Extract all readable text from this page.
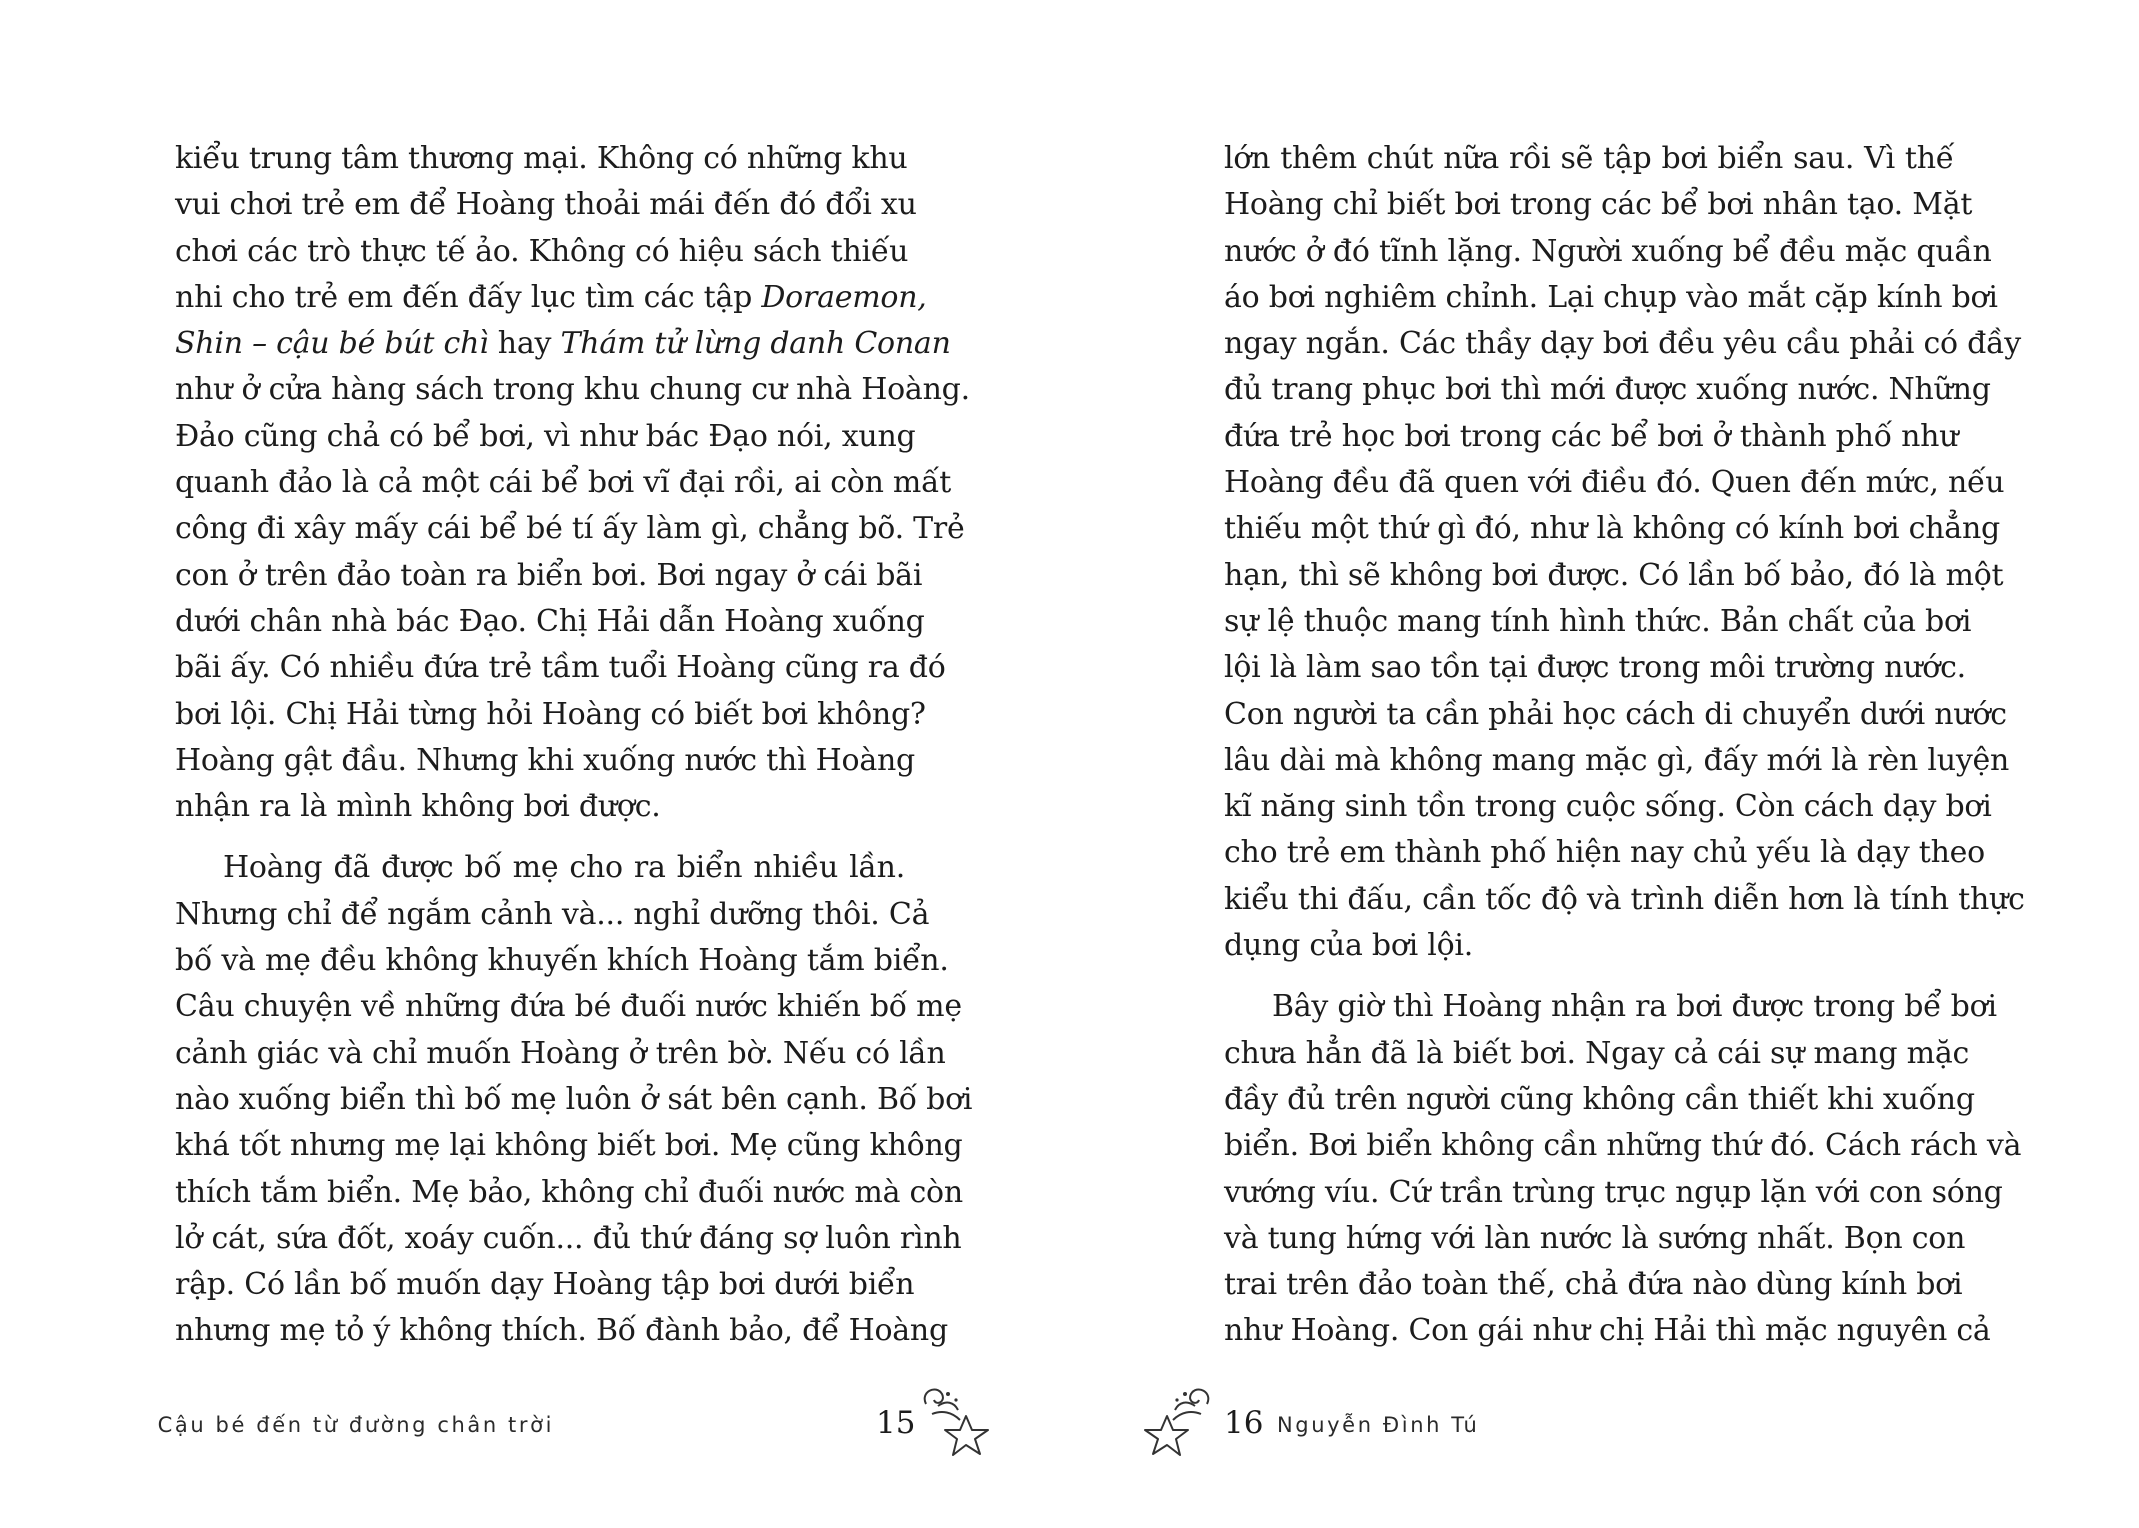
kiểu trung tâm thương mại. Không có những khu
vui chơi trẻ em để Hoàng thoải mái đến đó đổi xu
chơi các trò thực tế ảo. Không có hiệu sách thiếu
nhi cho trẻ em đến đấy lục tìm các tập Doraemon,
Shin – cậu bé bút chì hay Thám tử lừng danh Conan
như ở cửa hàng sách trong khu chung cư nhà Hoàng.
Đảo cũng chả có bể bơi, vì như bác Đạo nói, xung
quanh đảo là cả một cái bể bơi vĩ đại rồi, ai còn mất
công đi xây mấy cái bể bé tí ấy làm gì, chẳng bõ. Trẻ
con ở trên đảo toàn ra biển bơi. Bơi ngay ở cái bãi
dưới chân nhà bác Đạo. Chị Hải dẫn Hoàng xuống
bãi ấy. Có nhiều đứa trẻ tầm tuổi Hoàng cũng ra đó
bơi lội. Chị Hải từng hỏi Hoàng có biết bơi không?
Hoàng gật đầu. Nhưng khi xuống nước thì Hoàng
nhận ra là mình không bơi được.
Hoàng đã được bố mẹ cho ra biển nhiều lần.
Nhưng chỉ để ngắm cảnh và... nghỉ dưỡng thôi. Cả
bố và mẹ đều không khuyến khích Hoàng tắm biển.
Câu chuyện về những đứa bé đuối nước khiến bố mẹ
cảnh giác và chỉ muốn Hoàng ở trên bờ. Nếu có lần
nào xuống biển thì bố mẹ luôn ở sát bên cạnh. Bố bơi
khá tốt nhưng mẹ lại không biết bơi. Mẹ cũng không
thích tắm biển. Mẹ bảo, không chỉ đuối nước mà còn
lở cát, sứa đốt, xoáy cuốn... đủ thứ đáng sợ luôn rình
rập. Có lần bố muốn dạy Hoàng tập bơi dưới biển
nhưng mẹ tỏ ý không thích. Bố đành bảo, để Hoàng
Cậu bé đến từ đường chân trời	15
lớn thêm chút nữa rồi sẽ tập bơi biển sau. Vì thế
Hoàng chỉ biết bơi trong các bể bơi nhân tạo. Mặt
nước ở đó tĩnh lặng. Người xuống bể đều mặc quần
áo bơi nghiêm chỉnh. Lại chụp vào mắt cặp kính bơi
ngay ngắn. Các thầy dạy bơi đều yêu cầu phải có đầy
đủ trang phục bơi thì mới được xuống nước. Những
đứa trẻ học bơi trong các bể bơi ở thành phố như
Hoàng đều đã quen với điều đó. Quen đến mức, nếu
thiếu một thứ gì đó, như là không có kính bơi chẳng
hạn, thì sẽ không bơi được. Có lần bố bảo, đó là một
sự lệ thuộc mang tính hình thức. Bản chất của bơi
lội là làm sao tồn tại được trong môi trường nước.
Con người ta cần phải học cách di chuyển dưới nước
lâu dài mà không mang mặc gì, đấy mới là rèn luyện
kĩ năng sinh tồn trong cuộc sống. Còn cách dạy bơi
cho trẻ em thành phố hiện nay chủ yếu là dạy theo
kiểu thi đấu, cần tốc độ và trình diễn hơn là tính thực
dụng của bơi lội.
Bây giờ thì Hoàng nhận ra bơi được trong bể bơi
chưa hẳn đã là biết bơi. Ngay cả cái sự mang mặc
đầy đủ trên người cũng không cần thiết khi xuống
biển. Bơi biển không cần những thứ đó. Cách rách và
vướng víu. Cứ trần trùng trục ngụp lặn với con sóng
và tung hứng với làn nước là sướng nhất. Bọn con
trai trên đảo toàn thế, chả đứa nào dùng kính bơi
như Hoàng. Con gái như chị Hải thì mặc nguyên cả
16 Nguyễn Đình Tú
